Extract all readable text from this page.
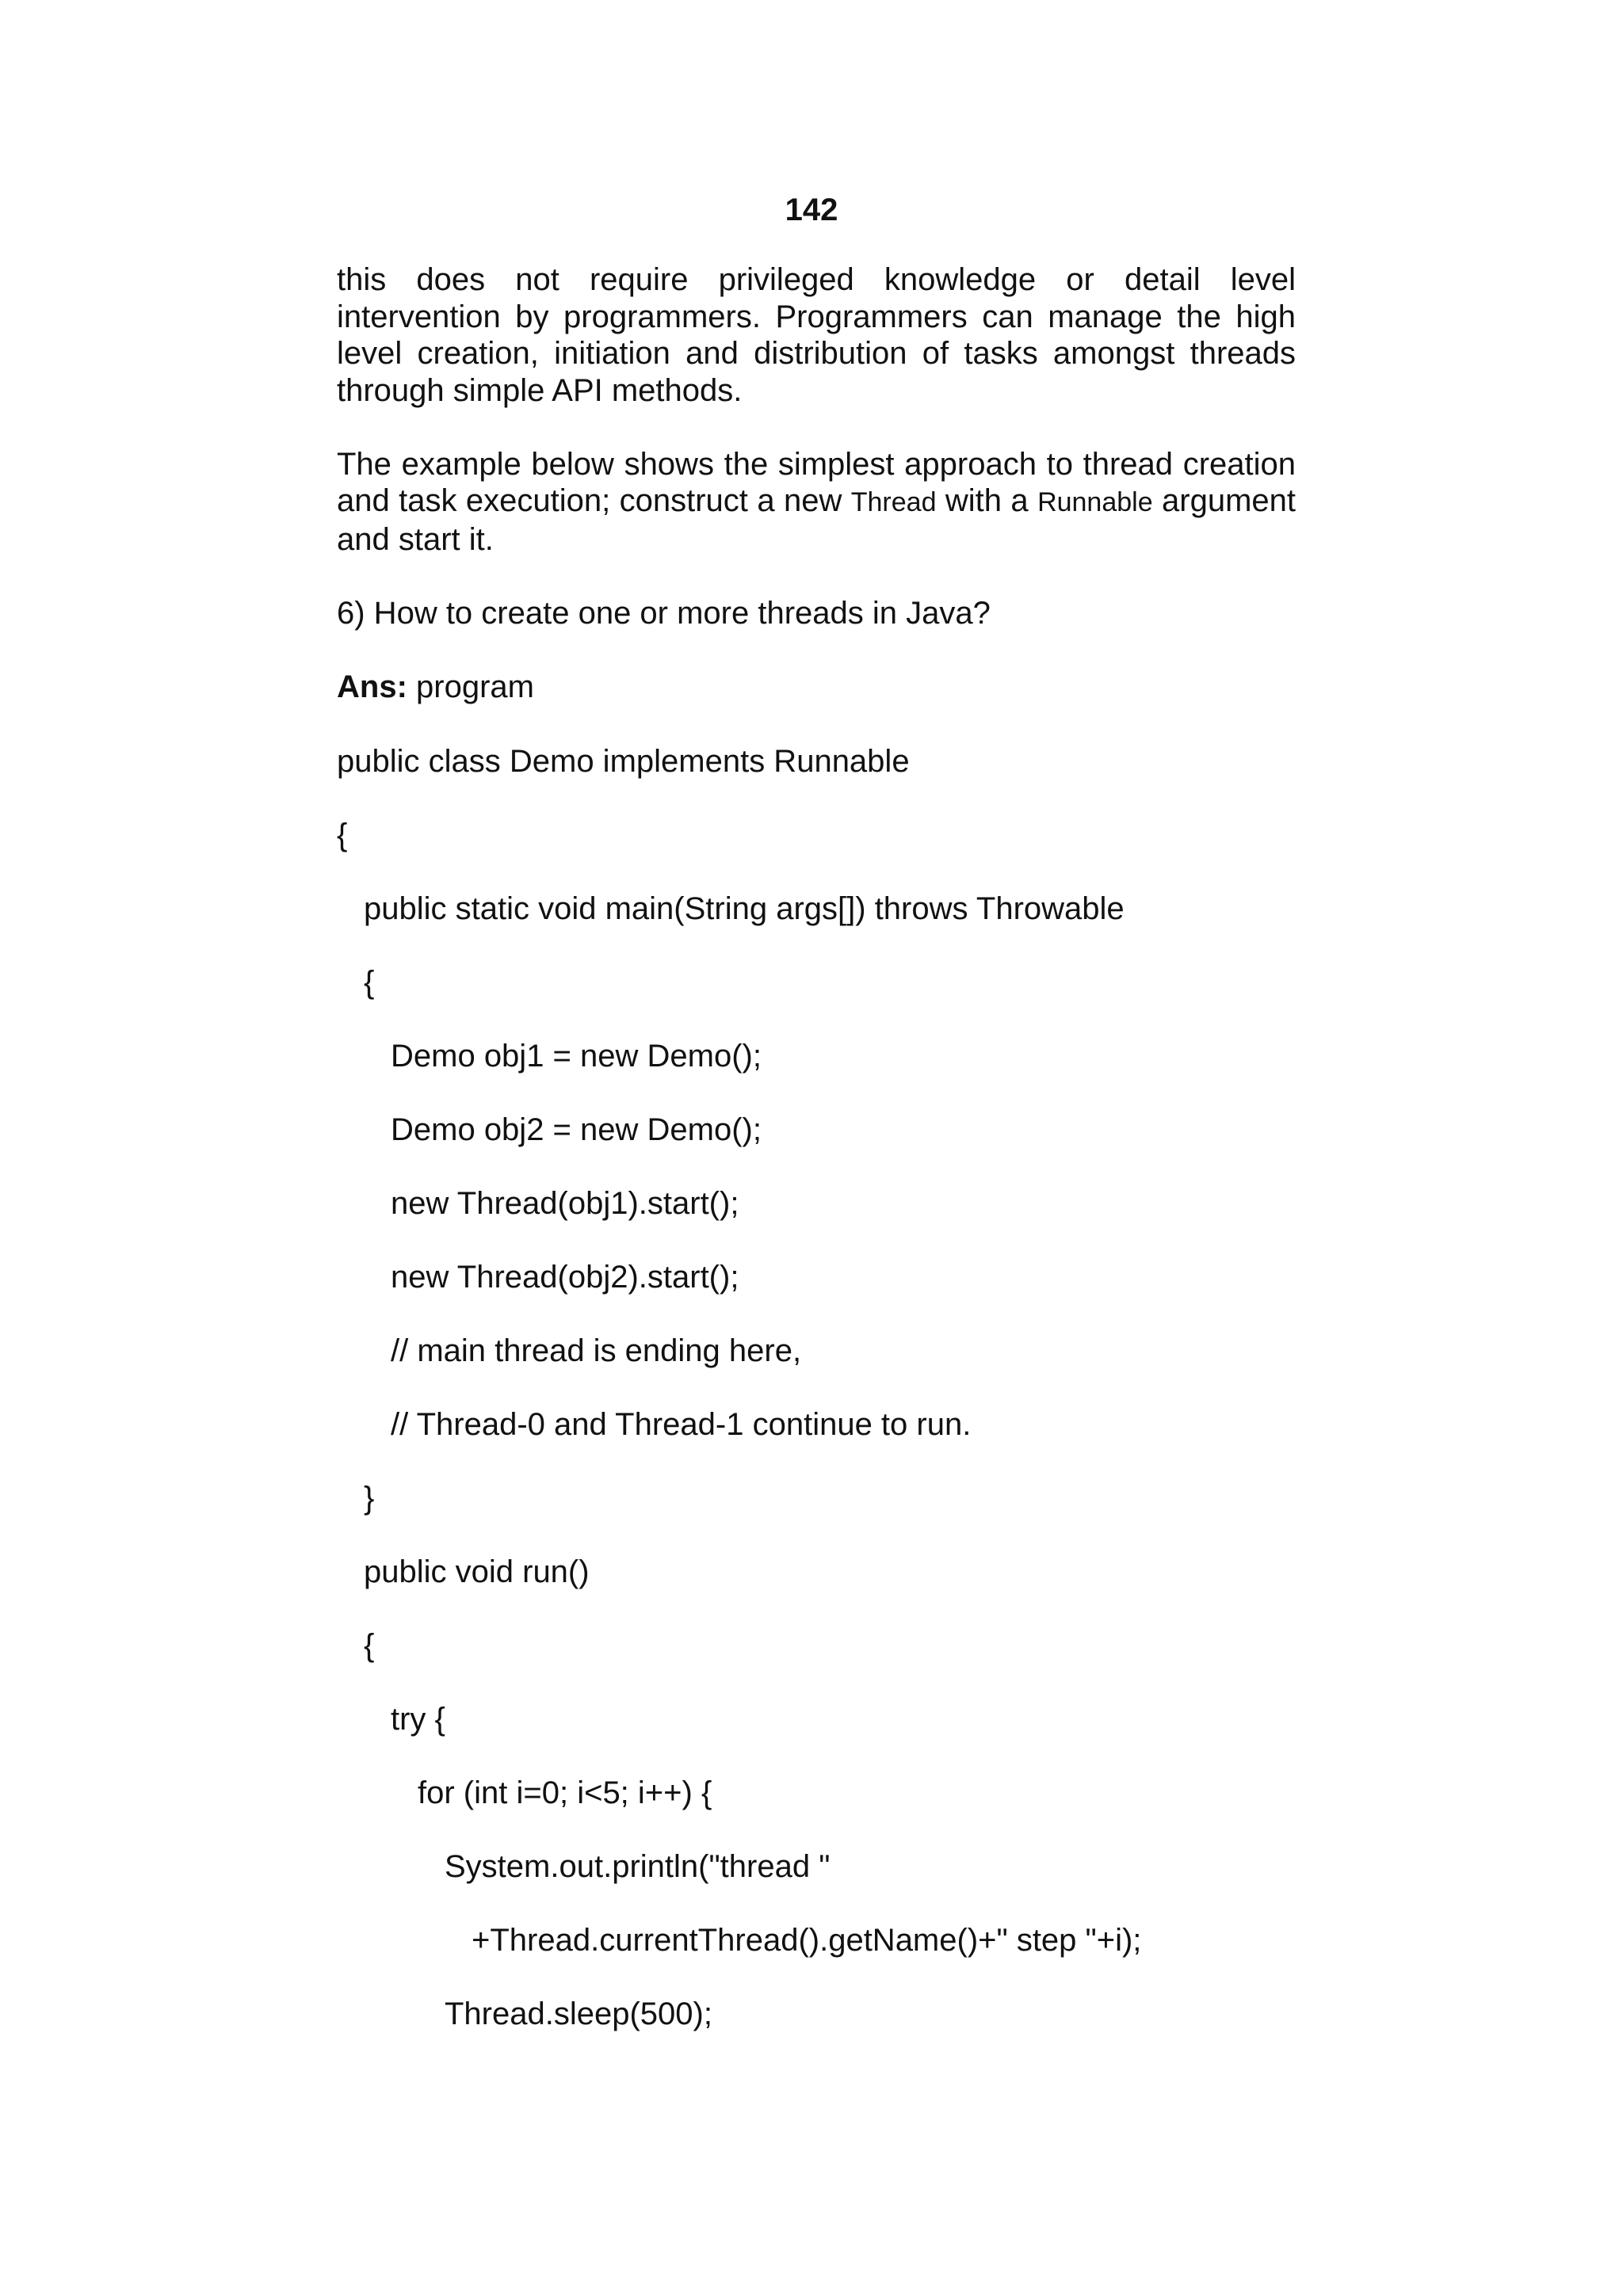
142

this does not require privileged knowledge or detail level intervention by programmers. Programmers can manage the high level creation, initiation and distribution of tasks amongst threads through simple API methods.

The example below shows the simplest approach to thread creation and task execution; construct a new Thread with a Runnable argument and start it.

6) How to create one or more threads in Java?

Ans: program

public class Demo implements Runnable
{
public static void main(String args[]) throws Throwable
{
Demo obj1 = new Demo();
Demo obj2 = new Demo();
new Thread(obj1).start();
new Thread(obj2).start();
// main thread is ending here,
// Thread-0 and Thread-1 continue to run.
}
public void run()
{
try {
for (int i=0; i<5; i++) {
System.out.println("thread "
+Thread.currentThread().getName()+" step "+i);
Thread.sleep(500);
